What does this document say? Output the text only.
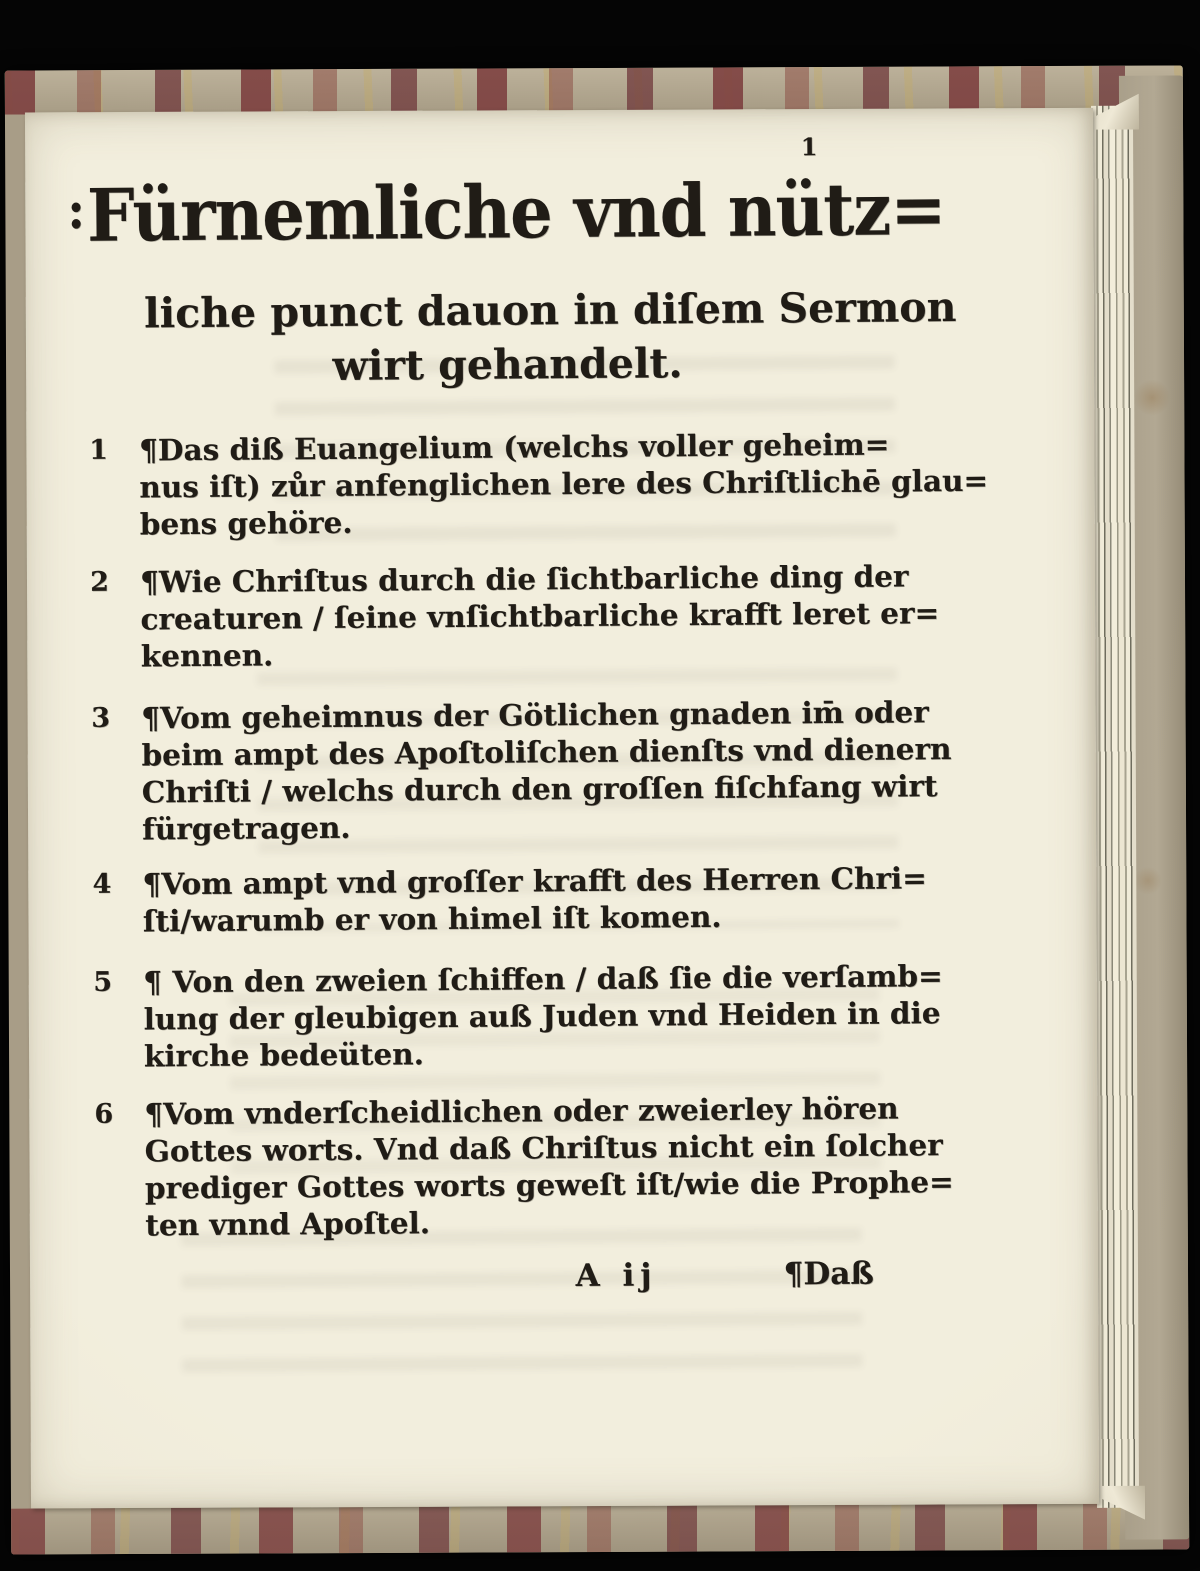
1
:Fürnemliche vnd nütz=
liche punct dauon in diſem Sermon
wirt gehandelt.
1 ¶Das diß Euangelium (welchs voller geheim=
nus iſt) zůr anfenglichen lere des Chriſtlichē glau=
bens gehöre.
2 ¶Wie Chriſtus durch die ſichtbarliche ding der
creaturen / ſeine vnſichtbarliche krafft leret er=
kennen.
3 ¶Vom geheimnus der Götlichen gnaden im̄ oder
beim ampt des Apoſtoliſchen dienſts vnd dienern
Chriſti / welchs durch den groſſen fiſchfang wirt
fürgetragen.
4 ¶Vom ampt vnd groſſer krafft des Herren Chri=
ſti/warumb er von himel iſt komen.
5 ¶ Von den zweien ſchiffen / daß ſie die verſamb=
lung der gleubigen auß Juden vnd Heiden in die
kirche bedeüten.
6 ¶Vom vnderſcheidlichen oder zweierley hören
Gottes worts. Vnd daß Chriſtus nicht ein ſolcher
prediger Gottes worts geweſt iſt/wie die Prophe=
ten vnnd Apoſtel.
A ij	¶Daß
